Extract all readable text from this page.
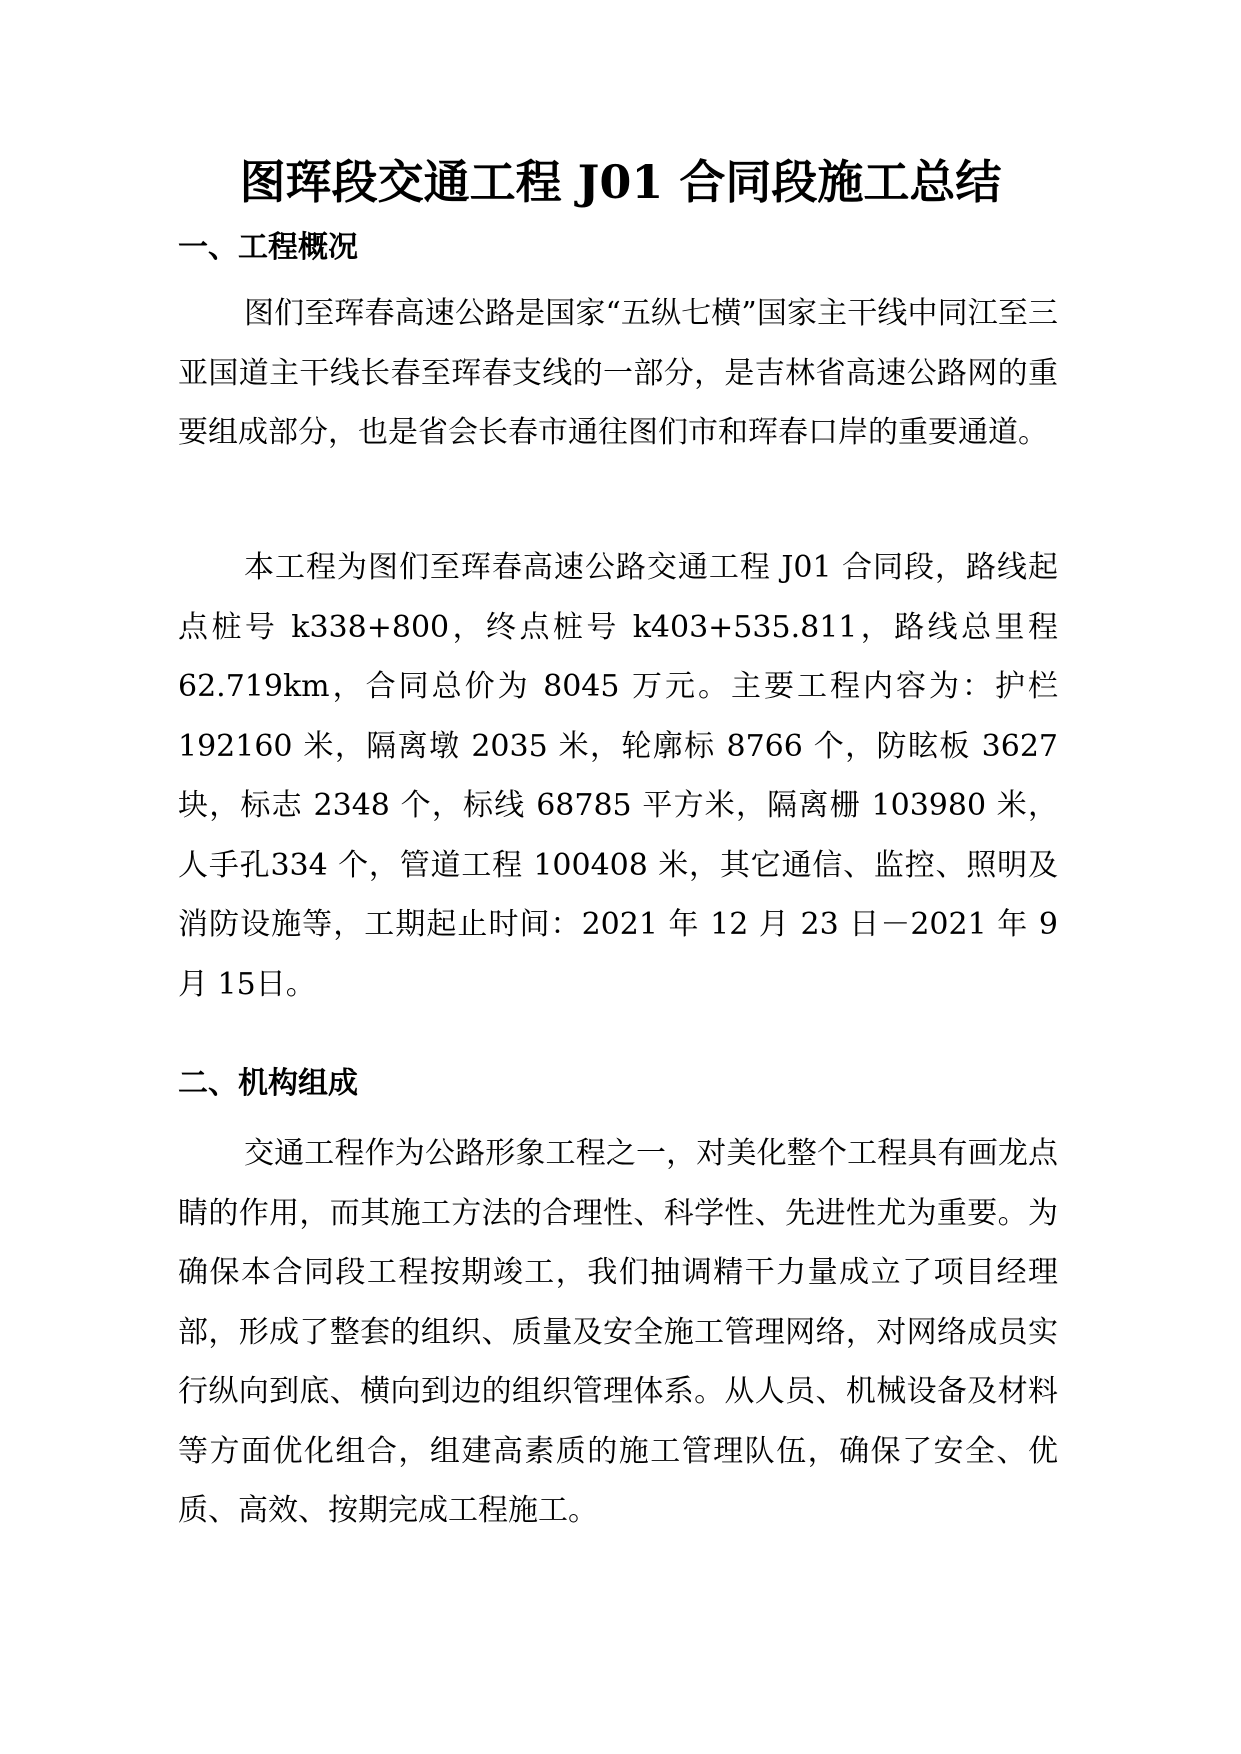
图珲段交通工程 J01 合同段施工总结
一、工程概况

图们至珲春高速公路是国家“五纵七横”国家主干线中同江至三亚国道主干线长春至珲春支线的一部分，是吉林省高速公路网的重要组成部分，也是省会长春市通往图们市和珲春口岸的重要通道。

本工程为图们至珲春高速公路交通工程 J01 合同段，路线起点桩号 k338+800，终点桩号 k403+535.811，路线总里程62.719km，合同总价为 8045 万元。主要工程内容为：护栏192160 米，隔离墩 2035 米，轮廓标 8766 个，防眩板 3627 块，标志 2348 个，标线 68785 平方米，隔离栅 103980 米，人手孔334 个，管道工程 100408 米，其它通信、监控、照明及消防设施等，工期起止时间：2021 年 12 月 23 日－2021 年 9 月 15日。

二、机构组成

交通工程作为公路形象工程之一，对美化整个工程具有画龙点睛的作用，而其施工方法的合理性、科学性、先进性尤为重要。为确保本合同段工程按期竣工，我们抽调精干力量成立了项目经理部，形成了整套的组织、质量及安全施工管理网络，对网络成员实行纵向到底、横向到边的组织管理体系。从人员、机械设备及材料等方面优化组合，组建高素质的施工管理队伍，确保了安全、优质、高效、按期完成工程施工。
